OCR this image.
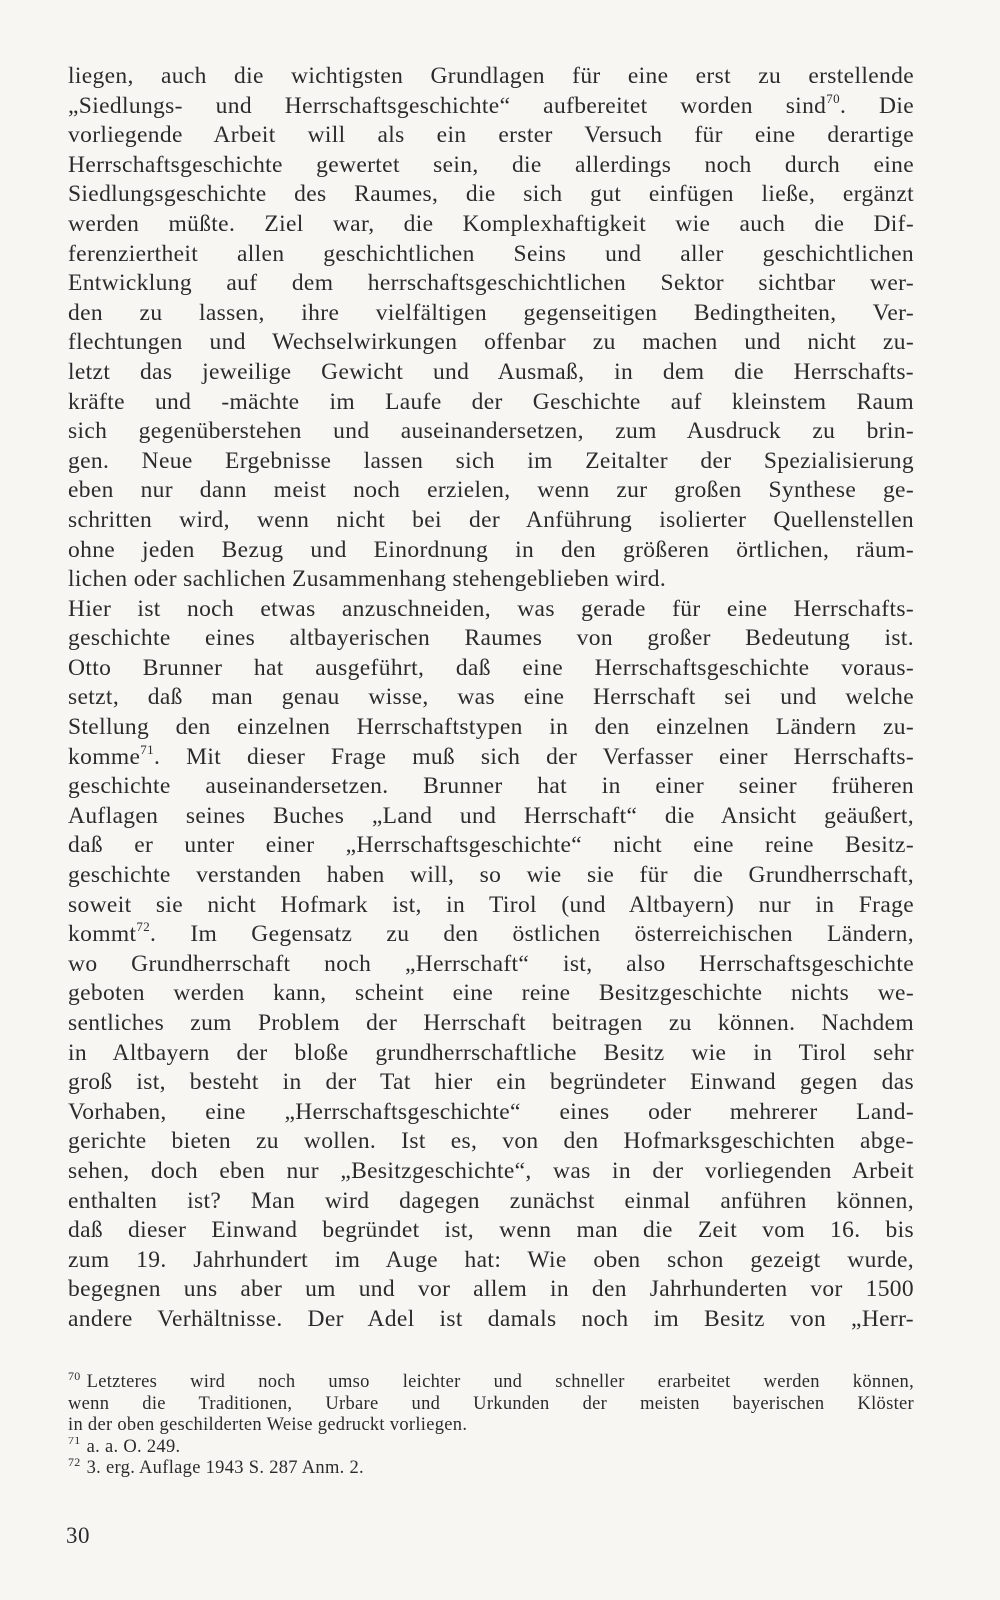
liegen, auch die wichtigsten Grundlagen für eine erst zu erstellende
„Siedlungs- und Herrschaftsgeschichte“ aufbereitet worden sind$^{70}$. Die
vorliegende Arbeit will als ein erster Versuch für eine derartige
Herrschaftsgeschichte gewertet sein, die allerdings noch durch eine
Siedlungsgeschichte des Raumes, die sich gut einfügen ließe, ergänzt
werden müßte. Ziel war, die Komplexhaftigkeit wie auch die Dif-
ferenziertheit allen geschichtlichen Seins und aller geschichtlichen
Entwicklung auf dem herrschaftsgeschichtlichen Sektor sichtbar wer-
den zu lassen, ihre vielfältigen gegenseitigen Bedingtheiten, Ver-
flechtungen und Wechselwirkungen offenbar zu machen und nicht zu-
letzt das jeweilige Gewicht und Ausmaß, in dem die Herrschafts-
kräfte und -mächte im Laufe der Geschichte auf kleinstem Raum
sich gegenüberstehen und auseinandersetzen, zum Ausdruck zu brin-
gen. Neue Ergebnisse lassen sich im Zeitalter der Spezialisierung
eben nur dann meist noch erzielen, wenn zur großen Synthese ge-
schritten wird, wenn nicht bei der Anführung isolierter Quellenstellen
ohne jeden Bezug und Einordnung in den größeren örtlichen, räum-
lichen oder sachlichen Zusammenhang stehengeblieben wird.
Hier ist noch etwas anzuschneiden, was gerade für eine Herrschafts-
geschichte eines altbayerischen Raumes von großer Bedeutung ist.
Otto Brunner hat ausgeführt, daß eine Herrschaftsgeschichte voraus-
setzt, daß man genau wisse, was eine Herrschaft sei und welche
Stellung den einzelnen Herrschaftstypen in den einzelnen Ländern zu-
komme$^{71}$. Mit dieser Frage muß sich der Verfasser einer Herrschafts-
geschichte auseinandersetzen. Brunner hat in einer seiner früheren
Auflagen seines Buches „Land und Herrschaft“ die Ansicht geäußert,
daß er unter einer „Herrschaftsgeschichte“ nicht eine reine Besitz-
geschichte verstanden haben will, so wie sie für die Grundherrschaft,
soweit sie nicht Hofmark ist, in Tirol (und Altbayern) nur in Frage
kommt$^{72}$. Im Gegensatz zu den östlichen österreichischen Ländern,
wo Grundherrschaft noch „Herrschaft“ ist, also Herrschaftsgeschichte
geboten werden kann, scheint eine reine Besitzgeschichte nichts we-
sentliches zum Problem der Herrschaft beitragen zu können. Nachdem
in Altbayern der bloße grundherrschaftliche Besitz wie in Tirol sehr
groß ist, besteht in der Tat hier ein begründeter Einwand gegen das
Vorhaben, eine „Herrschaftsgeschichte“ eines oder mehrerer Land-
gerichte bieten zu wollen. Ist es, von den Hofmarksgeschichten abge-
sehen, doch eben nur „Besitzgeschichte“, was in der vorliegenden Arbeit
enthalten ist? Man wird dagegen zunächst einmal anführen können,
daß dieser Einwand begründet ist, wenn man die Zeit vom 16. bis
zum 19. Jahrhundert im Auge hat: Wie oben schon gezeigt wurde,
begegnen uns aber um und vor allem in den Jahrhunderten vor 1500
andere Verhältnisse. Der Adel ist damals noch im Besitz von „Herr-
$^{70}$ Letzteres wird noch umso leichter und schneller erarbeitet werden können,
wenn die Traditionen, Urbare und Urkunden der meisten bayerischen Klöster
in der oben geschilderten Weise gedruckt vorliegen.
$^{71}$ a. a. O. 249.
$^{72}$ 3. erg. Auflage 1943 S. 287 Anm. 2.
30
